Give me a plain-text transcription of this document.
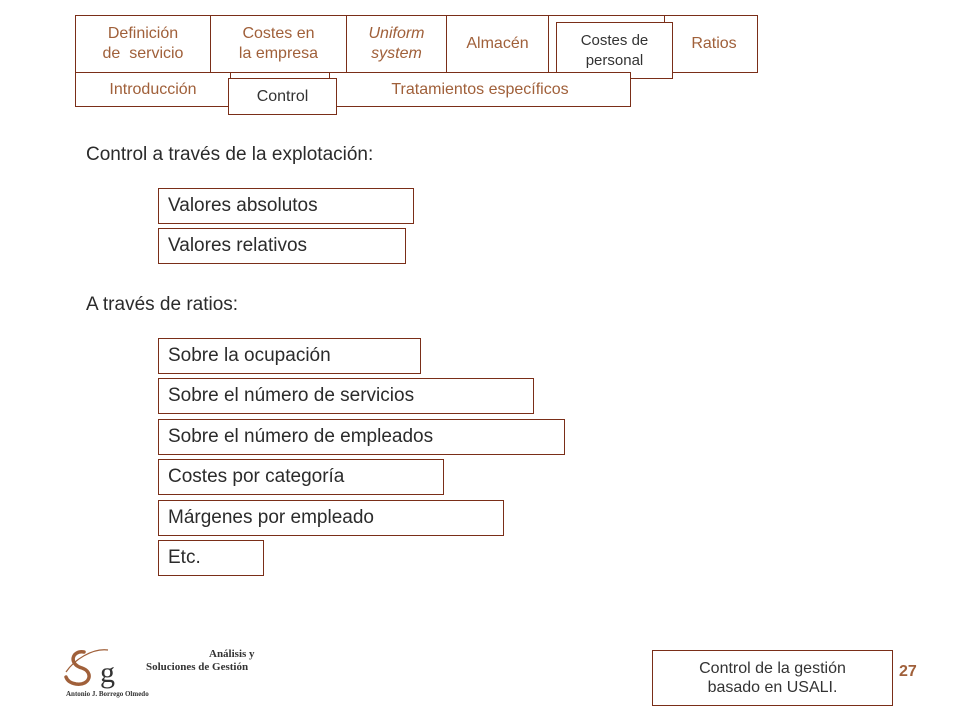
Definición
de  servicio
Costes en
la empresa
Uniform
system
Almacén	Ratios
Costes de
personal
Introducción	Tratamientos específicos
Control
Control a través de la explotación:
Valores absolutos
Valores relativos
A través de ratios:
Sobre la ocupación
Sobre el número de servicios
Sobre el número de empleados
Costes por categoría
Márgenes por empleado
Etc.
g
Análisis y
Soluciones de Gestión
Antonio J. Borrego Olmedo
Control de la gestión
basado en USALI.
27
